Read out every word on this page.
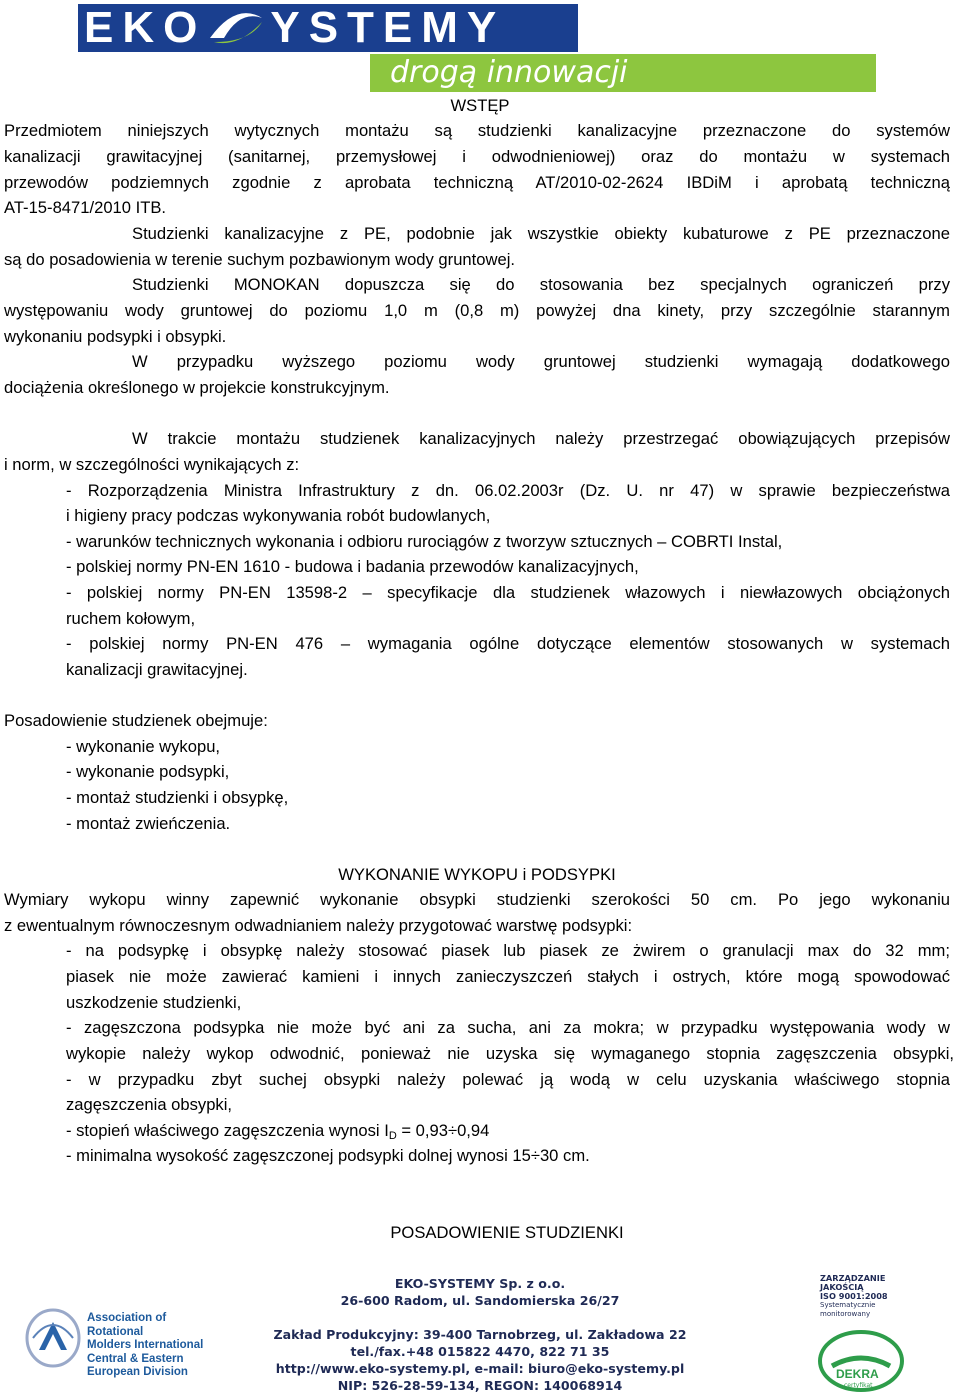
EKO YSTEMY
drogą innowacji
WSTĘP
Przedmiotem niniejszych wytycznych montażu są studzienki kanalizacyjne przeznaczone do systemów
kanalizacji grawitacyjnej (sanitarnej, przemysłowej i odwodnieniowej) oraz do montażu w systemach
przewodów podziemnych zgodnie z aprobata techniczną AT/2010-02-2624 IBDiM i aprobatą techniczną
AT-15-8471/2010 ITB.
Studzienki kanalizacyjne z PE, podobnie jak wszystkie obiekty kubaturowe z PE przeznaczone
są do posadowienia w terenie suchym pozbawionym wody gruntowej.
Studzienki MONOKAN dopuszcza się do stosowania bez specjalnych ograniczeń przy
występowaniu wody gruntowej do poziomu 1,0 m (0,8 m) powyżej dna kinety, przy szczególnie starannym
wykonaniu podsypki i obsypki.
W przypadku wyższego poziomu wody gruntowej studzienki wymagają dodatkowego
dociążenia określonego w projekcie konstrukcyjnym.
W trakcie montażu studzienek kanalizacyjnych należy przestrzegać obowiązujących przepisów
i norm, w szczególności wynikających z:
- Rozporządzenia Ministra Infrastruktury z dn. 06.02.2003r (Dz. U. nr 47) w sprawie bezpieczeństwa
i higieny pracy podczas wykonywania robót budowlanych,
- warunków technicznych wykonania i odbioru rurociągów z tworzyw sztucznych – COBRTI Instal,
- polskiej normy PN-EN 1610 - budowa i badania przewodów kanalizacyjnych,
- polskiej normy PN-EN 13598-2 – specyfikacje dla studzienek włazowych i niewłazowych obciążonych
ruchem kołowym,
- polskiej normy PN-EN 476 – wymagania ogólne dotyczące elementów stosowanych w systemach
kanalizacji grawitacyjnej.
Posadowienie studzienek obejmuje:
- wykonanie wykopu,
- wykonanie podsypki,
- montaż studzienki i obsypkę,
- montaż zwieńczenia.
WYKONANIE WYKOPU i PODSYPKI
Wymiary wykopu winny zapewnić wykonanie obsypki studzienki szerokości 50 cm. Po jego wykonaniu
z ewentualnym równoczesnym odwadnianiem należy przygotować warstwę podsypki:
- na podsypkę i obsypkę należy stosować piasek lub piasek ze żwirem o granulacji max do 32 mm;
piasek nie może zawierać kamieni i innych zanieczyszczeń stałych i ostrych, które mogą spowodować
uszkodzenie studzienki,
- zagęszczona podsypka nie może być ani za sucha, ani za mokra; w przypadku występowania wody w
wykopie należy wykop odwodnić, ponieważ nie uzyska się wymaganego stopnia zagęszczenia obsypki,
- w przypadku zbyt suchej obsypki należy polewać ją wodą w celu uzyskania właściwego stopnia
zagęszczenia obsypki,
- stopień właściwego zagęszczenia wynosi $I_D = 0,93\div 0,94$
- minimalna wysokość zagęszczonej podsypki dolnej wynosi 15÷30 cm.
POSADOWIENIE STUDZIENKI
Association of Rotational
Molders International
Central & Eastern
European Division
EKO-SYSTEMY Sp. z o.o.
26-600 Radom, ul. Sandomierska 26/27
Zakład Produkcyjny: 39-400 Tarnobrzeg, ul. Zakładowa 22
tel./fax.+48 015822 4470, 822 71 35
http://www.eko-systemy.pl, e-mail: biuro@eko-systemy.pl
NIP: 526-28-59-134, REGON: 140068914
ZARZĄDZANIE
JAKOŚCIĄ
ISO 9001:2008
Systematycznie
monitorowany
DEKRA
certyfikat
